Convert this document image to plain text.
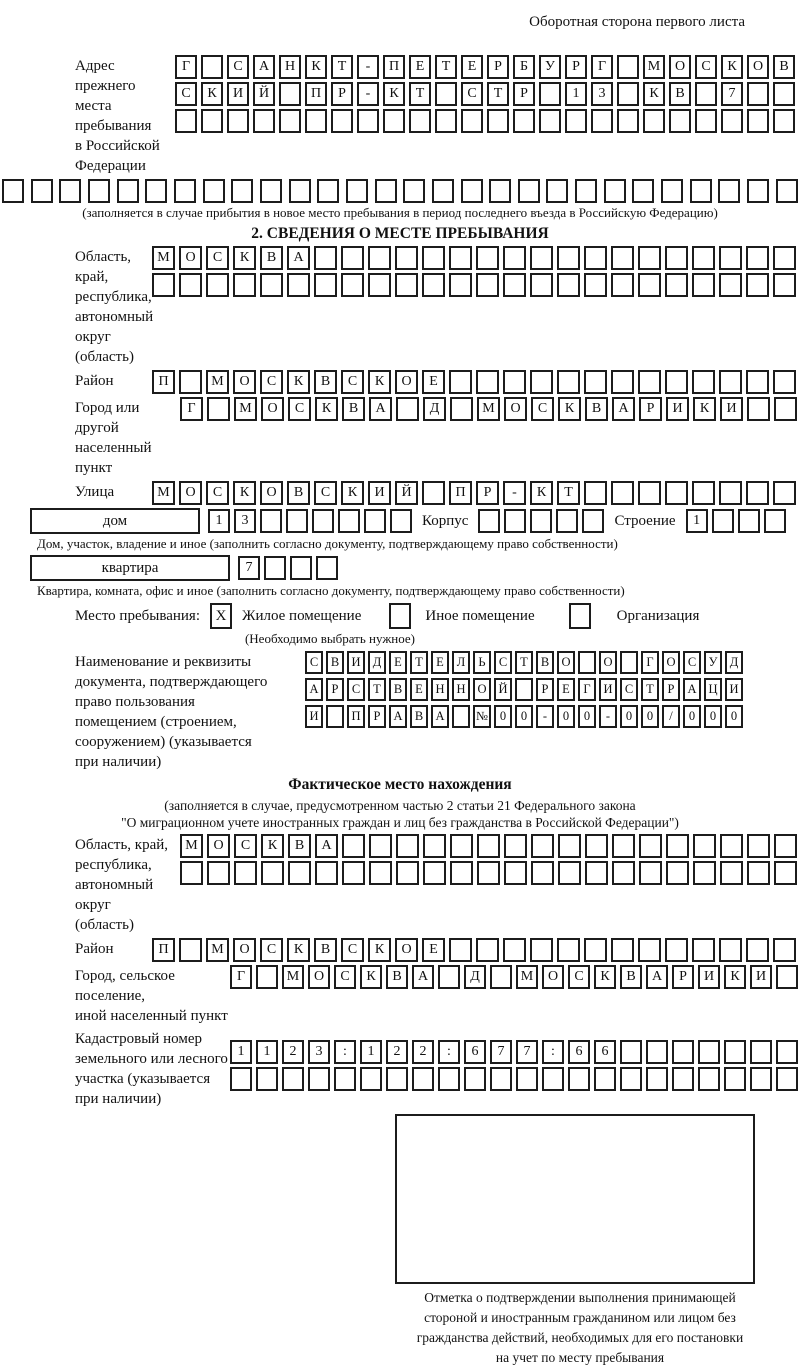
Оборотная сторона первого листа
Адрес прежнего
места пребывания
в Российской
Федерации
Г	С	А	Н	К	Т	-	П	Е	Т	Е	Р	Б	У	Р	Г	М	О	С	К	О	В
С	К	И	Й	П	Р	-	К	Т	С	Т	Р	1	3	К	В	7
(заполняется в случае прибытия в новое место пребывания в период последнего въезда в Российскую Федерацию)
2. СВЕДЕНИЯ О МЕСТЕ ПРЕБЫВАНИЯ
Область, край,
республика,
автономный
округ (область)
М	О	С	К	В	А
Район	П	М	О	С	К	В	С	К	О	Е
Город или другой
населенный пункт
Г	М	О	С	К	В	А	Д	М	О	С	К	В	А	Р	И	К	И
Улица	М	О	С	К	О	В	С	К	И	Й	П	Р	-	К	Т
дом	1	3	Корпус	Строение	1
Дом, участок, владение и иное (заполнить согласно документу, подтверждающему право собственности)
квартира	7
Квартира, комната, офис и иное (заполнить согласно документу, подтверждающему право собственности)
Место пребывания:	X	Жилое помещение	Иное помещение	Организация
(Необходимо выбрать нужное)
Наименование и реквизиты
документа, подтверждающего
право пользования
помещением (строением,
сооружением) (указывается
при наличии)
С	В И Д	Е	Т	Е	Л	Ь	С	Т	В О	О	Г	О С У Д
А	Р	С	Т	В	Е	Н Н О Й	Р	Е	Г	И С	Т	Р	А Ц И
И	П	Р	А В А	№ 0	0	-	0	0	-	0	0	/	0	0	0
Фактическое место нахождения
(заполняется в случае, предусмотренном частью 2 статьи 21 Федерального закона
"О миграционном учете иностранных граждан и лиц без гражданства в Российской Федерации")
Область, край,
республика,
автономный округ
(область)
М	О	С	К	В	А
Район	П	М	О	С	К	В	С	К	О	Е
Город, сельское поселение,
иной населенный пункт
Г	М	О	С	К	В	А	Д	М	О	С	К	В	А	Р	И	К	И
Кадастровый номер
земельного или лесного
участка (указывается
при наличии)
1	1	2	3	:	1	2	2	:	6	7	7	:	6	6
Отметка о подтверждении выполнения принимающей
стороной и иностранным гражданином или лицом без
гражданства действий, необходимых для его постановки
на учет по месту пребывания
